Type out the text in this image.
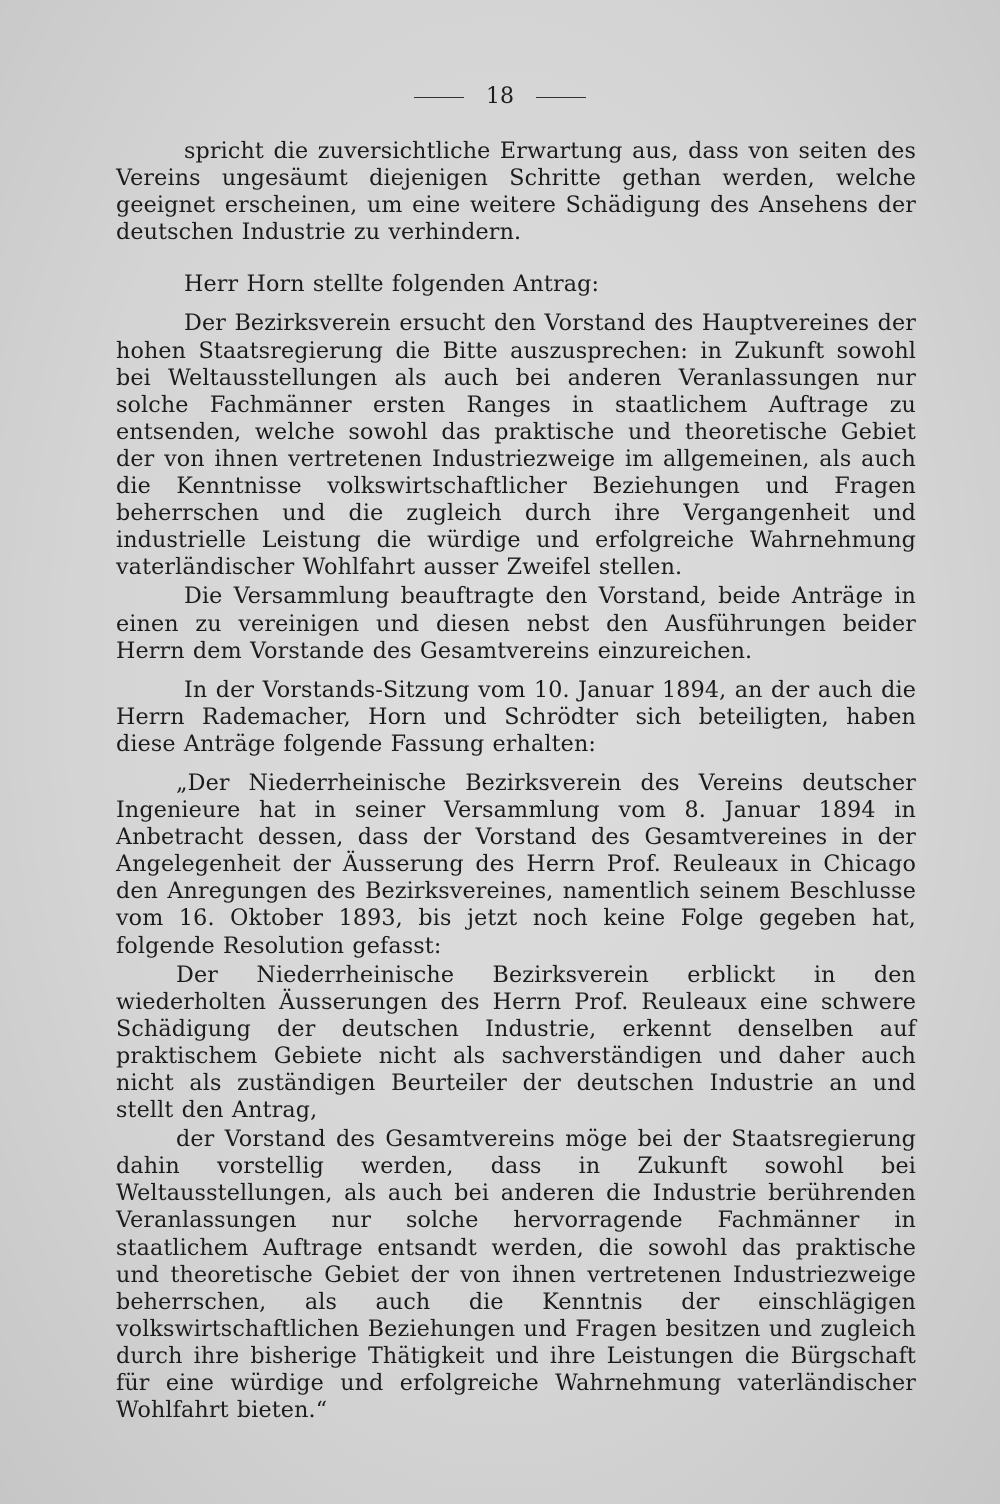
18

spricht die zuversichtliche Erwartung aus, dass von seiten des Vereins ungesäumt diejenigen Schritte gethan werden, welche geeignet erscheinen, um eine weitere Schädigung des Ansehens der deutschen Industrie zu verhindern.

Herr Horn stellte folgenden Antrag:

Der Bezirksverein ersucht den Vorstand des Hauptvereines der hohen Staatsregierung die Bitte auszusprechen: in Zukunft sowohl bei Weltausstellungen als auch bei anderen Veranlassungen nur solche Fachmänner ersten Ranges in staatlichem Auftrage zu entsenden, welche sowohl das praktische und theoretische Gebiet der von ihnen vertretenen Industriezweige im allgemeinen, als auch die Kenntnisse volkswirtschaftlicher Beziehungen und Fragen beherrschen und die zugleich durch ihre Vergangenheit und industrielle Leistung die würdige und erfolgreiche Wahrnehmung vaterländischer Wohlfahrt ausser Zweifel stellen.

Die Versammlung beauftragte den Vorstand, beide Anträge in einen zu vereinigen und diesen nebst den Ausführungen beider Herrn dem Vorstande des Gesamtvereins einzureichen.

In der Vorstands-Sitzung vom 10. Januar 1894, an der auch die Herrn Rademacher, Horn und Schrödter sich beteiligten, haben diese Anträge folgende Fassung erhalten:

„Der Niederrheinische Bezirksverein des Vereins deutscher Ingenieure hat in seiner Versammlung vom 8. Januar 1894 in Anbetracht dessen, dass der Vorstand des Gesamtvereines in der Angelegenheit der Äusserung des Herrn Prof. Reuleaux in Chicago den Anregungen des Bezirksvereines, namentlich seinem Beschlusse vom 16. Oktober 1893, bis jetzt noch keine Folge gegeben hat, folgende Resolution gefasst:

Der Niederrheinische Bezirksverein erblickt in den wiederholten Äusserungen des Herrn Prof. Reuleaux eine schwere Schädigung der deutschen Industrie, erkennt denselben auf praktischem Gebiete nicht als sachverständigen und daher auch nicht als zuständigen Beurteiler der deutschen Industrie an und stellt den Antrag,

der Vorstand des Gesamtvereins möge bei der Staatsregierung dahin vorstellig werden, dass in Zukunft sowohl bei Weltausstellungen, als auch bei anderen die Industrie berührenden Veranlassungen nur solche hervorragende Fachmänner in staatlichem Auftrage entsandt werden, die sowohl das praktische und theoretische Gebiet der von ihnen vertretenen Industriezweige beherrschen, als auch die Kenntnis der einschlägigen volkswirtschaftlichen Beziehungen und Fragen besitzen und zugleich durch ihre bisherige Thätigkeit und ihre Leistungen die Bürgschaft für eine würdige und erfolgreiche Wahrnehmung vaterländischer Wohlfahrt bieten.“
